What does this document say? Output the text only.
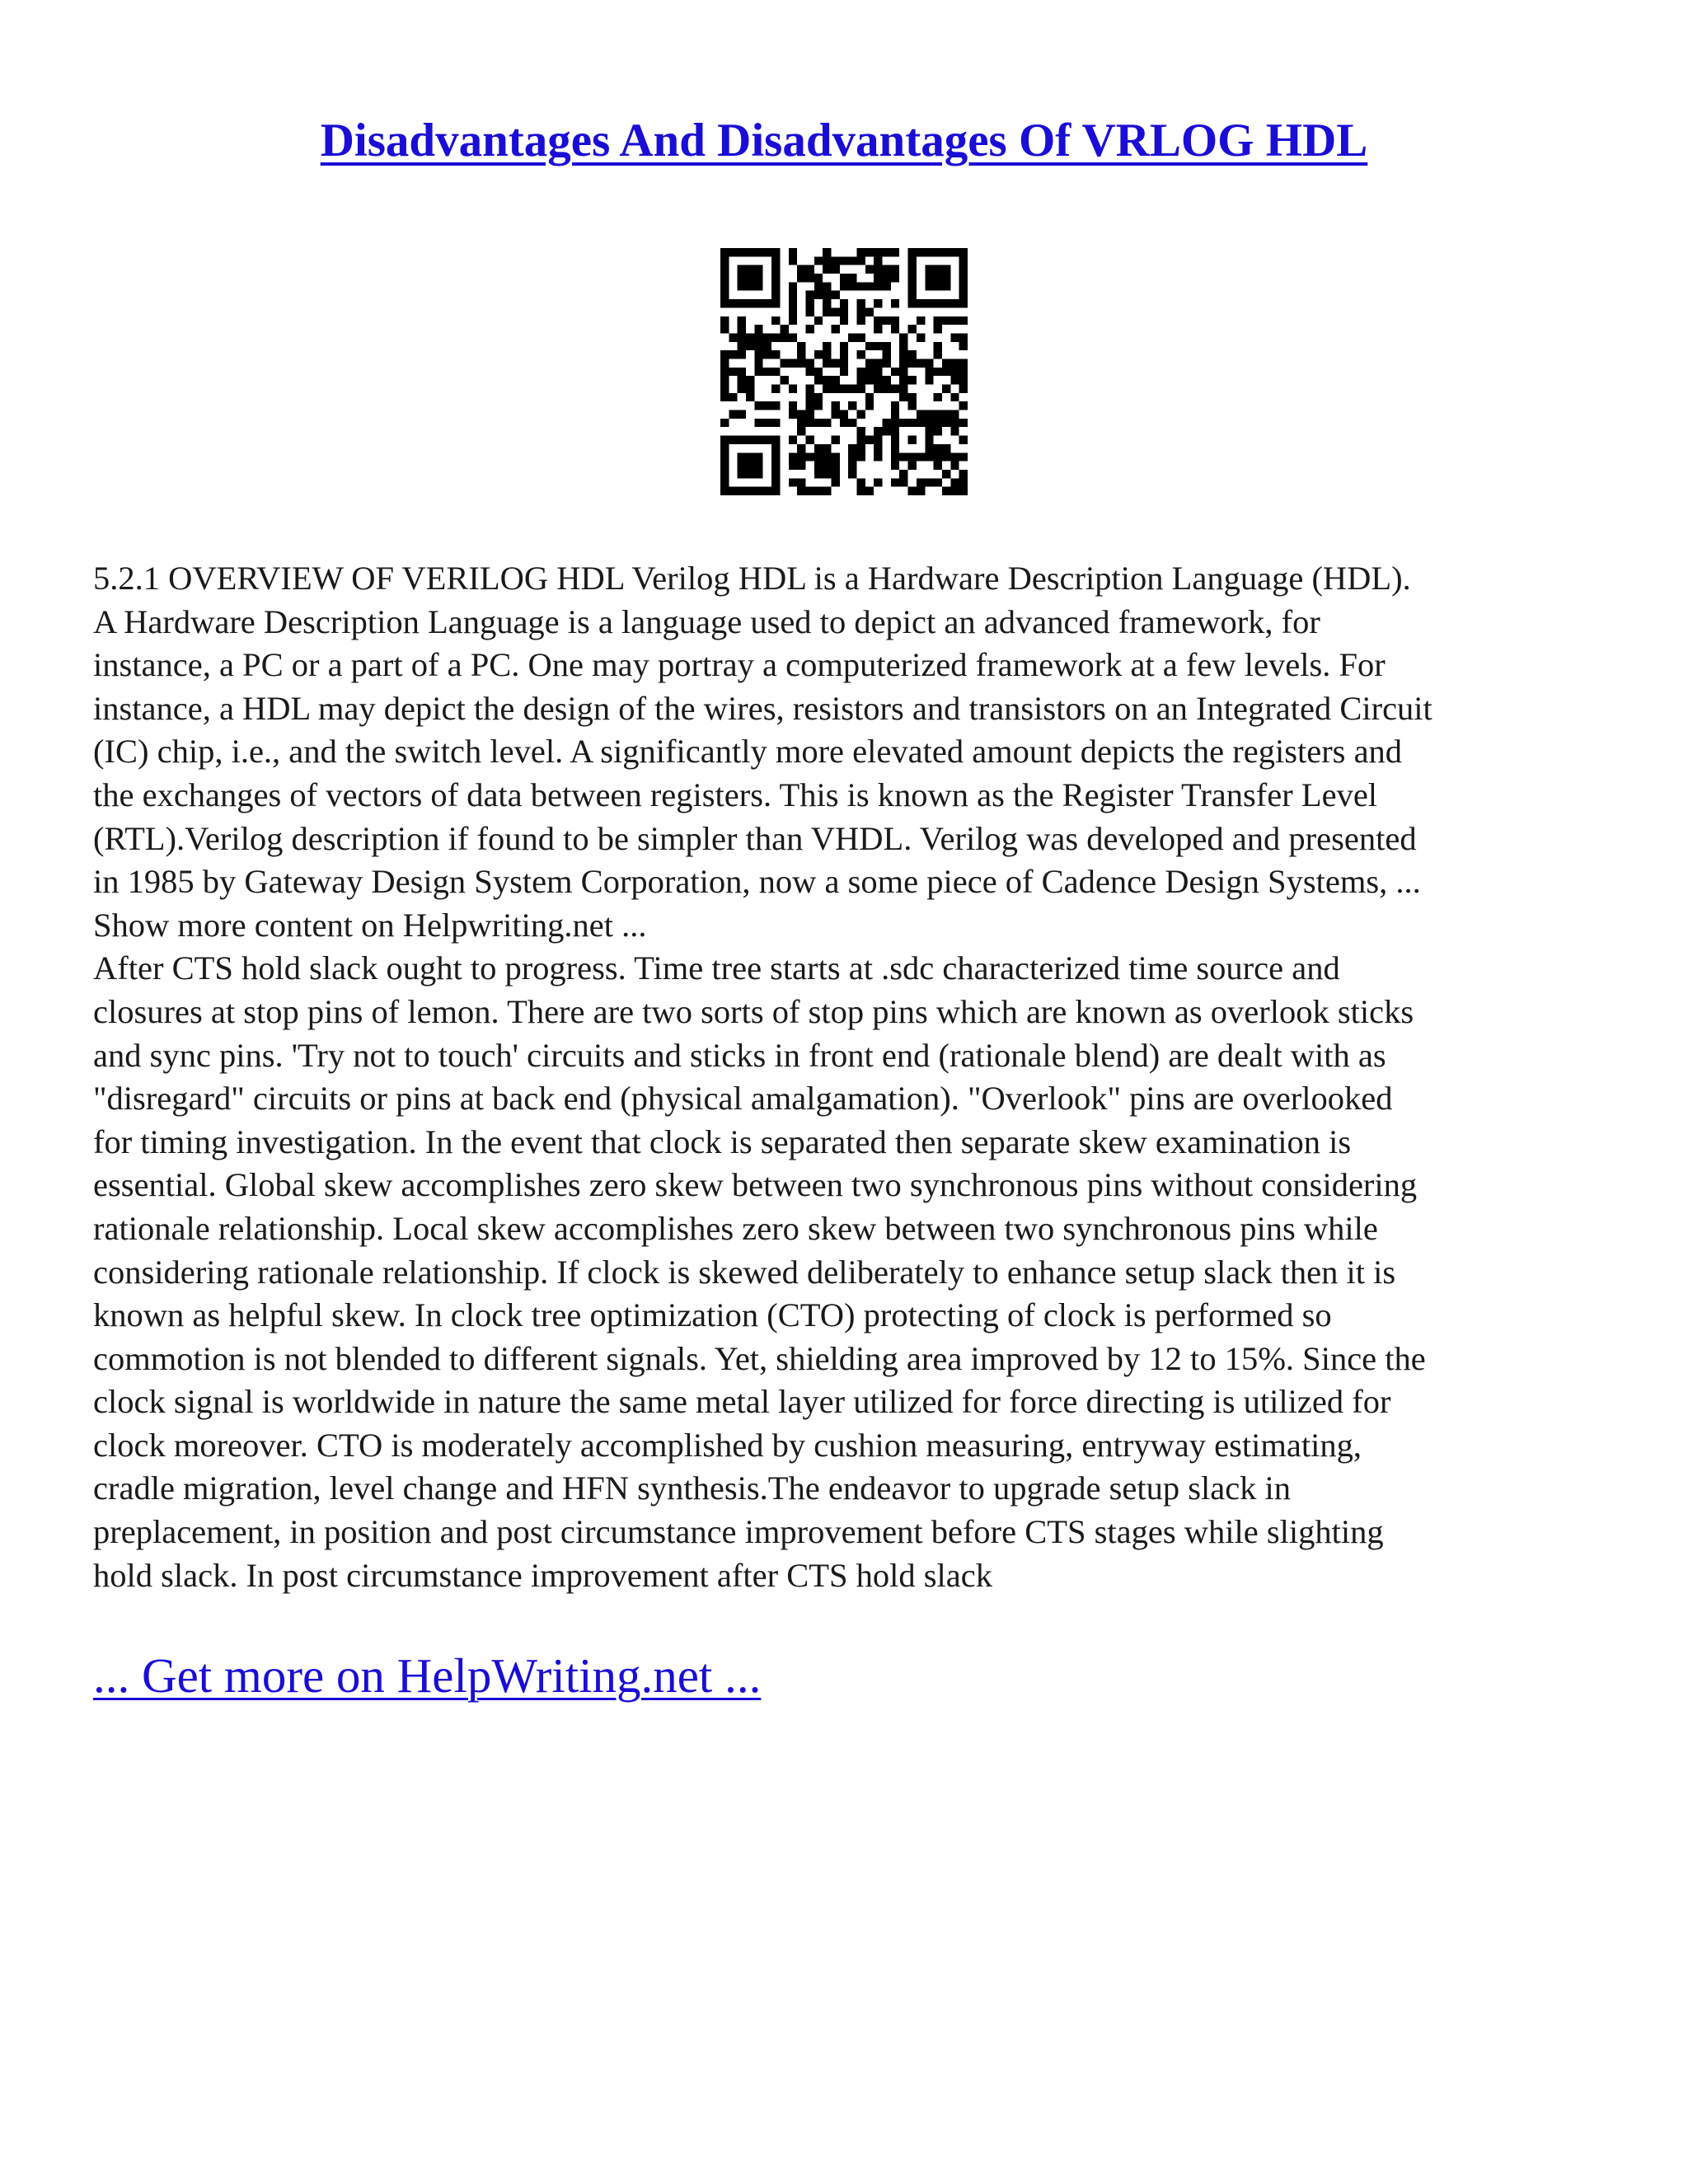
Disadvantages And Disadvantages Of VRLOG HDL

5.2.1 OVERVIEW OF VERILOG HDL Verilog HDL is a Hardware Description Language (HDL).

A Hardware Description Language is a language used to depict an advanced framework, for

instance, a PC or a part of a PC. One may portray a computerized framework at a few levels. For

instance, a HDL may depict the design of the wires, resistors and transistors on an Integrated Circuit

(IC) chip, i.e., and the switch level. A significantly more elevated amount depicts the registers and

the exchanges of vectors of data between registers. This is known as the Register Transfer Level

(RTL).Verilog description if found to be simpler than VHDL. Verilog was developed and presented

in 1985 by Gateway Design System Corporation, now a some piece of Cadence Design Systems, ...

Show more content on Helpwriting.net ...

After CTS hold slack ought to progress. Time tree starts at .sdc characterized time source and

closures at stop pins of lemon. There are two sorts of stop pins which are known as overlook sticks

and sync pins. 'Try not to touch' circuits and sticks in front end (rationale blend) are dealt with as

"disregard" circuits or pins at back end (physical amalgamation). "Overlook" pins are overlooked

for timing investigation. In the event that clock is separated then separate skew examination is

essential. Global skew accomplishes zero skew between two synchronous pins without considering

rationale relationship. Local skew accomplishes zero skew between two synchronous pins while

considering rationale relationship. If clock is skewed deliberately to enhance setup slack then it is

known as helpful skew. In clock tree optimization (CTO) protecting of clock is performed so

commotion is not blended to different signals. Yet, shielding area improved by 12 to 15%. Since the

clock signal is worldwide in nature the same metal layer utilized for force directing is utilized for

clock moreover. CTO is moderately accomplished by cushion measuring, entryway estimating,

cradle migration, level change and HFN synthesis.The endeavor to upgrade setup slack in

preplacement, in position and post circumstance improvement before CTS stages while slighting

hold slack. In post circumstance improvement after CTS hold slack

... Get more on HelpWriting.net ...
